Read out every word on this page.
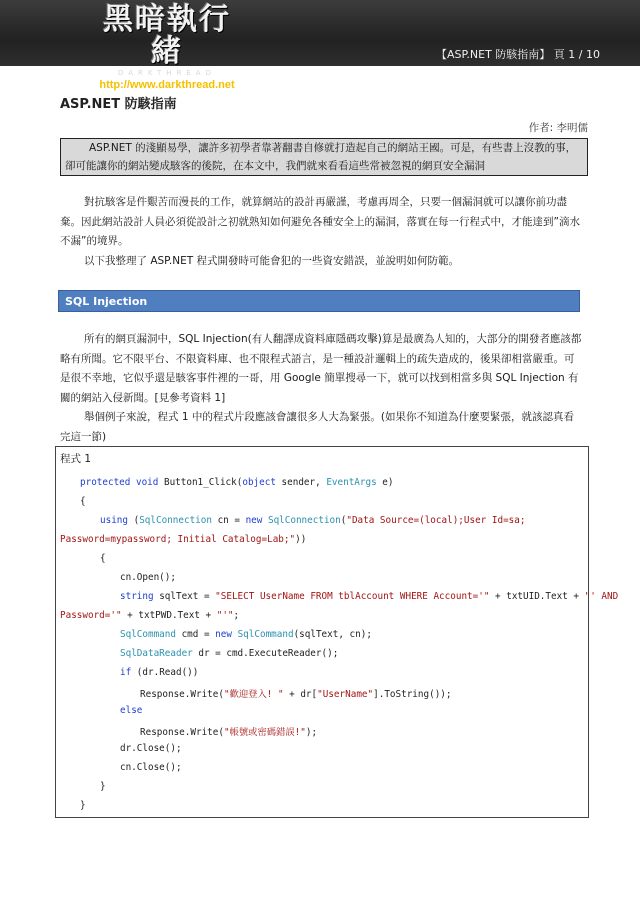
黑暗執行緒
DARKTHREAD
http://www.darkthread.net
【ASP.NET 防駭指南】 頁 1 / 10
ASP.NET 防駭指南
作者: 李明儒
ASP.NET 的淺顯易學，讓許多初學者靠著翻書自修就打造起自己的網站王國。可是，有些書上沒教的事，卻可能讓你的網站變成駭客的後院，在本文中，我們就來看看這些常被忽視的網頁安全漏洞

對抗駭客是件艱苦而漫長的工作，就算網站的設計再嚴謹，考慮再周全，只要一個漏洞就可以讓你前功盡棄。因此網站設計人員必須從設計之初就熟知如何避免各種安全上的漏洞，落實在每一行程式中，才能達到”滴水不漏”的境界。

以下我整理了 ASP.NET 程式開發時可能會犯的一些資安錯誤，並說明如何防範。

SQL Injection

所有的網頁漏洞中，SQL Injection(有人翻譯成資料庫隱碼攻擊)算是最廣為人知的，大部分的開發者應該都略有所聞。它不限平台、不限資料庫、也不限程式語言，是一種設計邏輯上的疏失造成的，後果卻相當嚴重。可是很不幸地，它似乎還是駭客事件裡的一哥，用 Google 簡單搜尋一下，就可以找到相當多與 SQL Injection 有關的網站入侵新聞。[見參考資料 1]

舉個例子來說，程式 1 中的程式片段應該會讓很多人大為緊張。(如果你不知道為什麼要緊張，就該認真看完這一節)

程式 1
protected void Button1_Click(object sender, EventArgs e)
{
using (SqlConnection cn = new SqlConnection("Data Source=(local);User Id=sa;
Password=mypassword; Initial Catalog=Lab;"))
{
cn.Open();
string sqlText = "SELECT UserName FROM tblAccount WHERE Account='" + txtUID.Text + "' AND
Password='" + txtPWD.Text + "'";
SqlCommand cmd = new SqlCommand(sqlText, cn);
SqlDataReader dr = cmd.ExecuteReader();
if (dr.Read())
Response.Write("歡迎登入! " + dr["UserName"].ToString());
else
Response.Write("帳號或密碼錯誤!");
dr.Close();
cn.Close();
}
}
